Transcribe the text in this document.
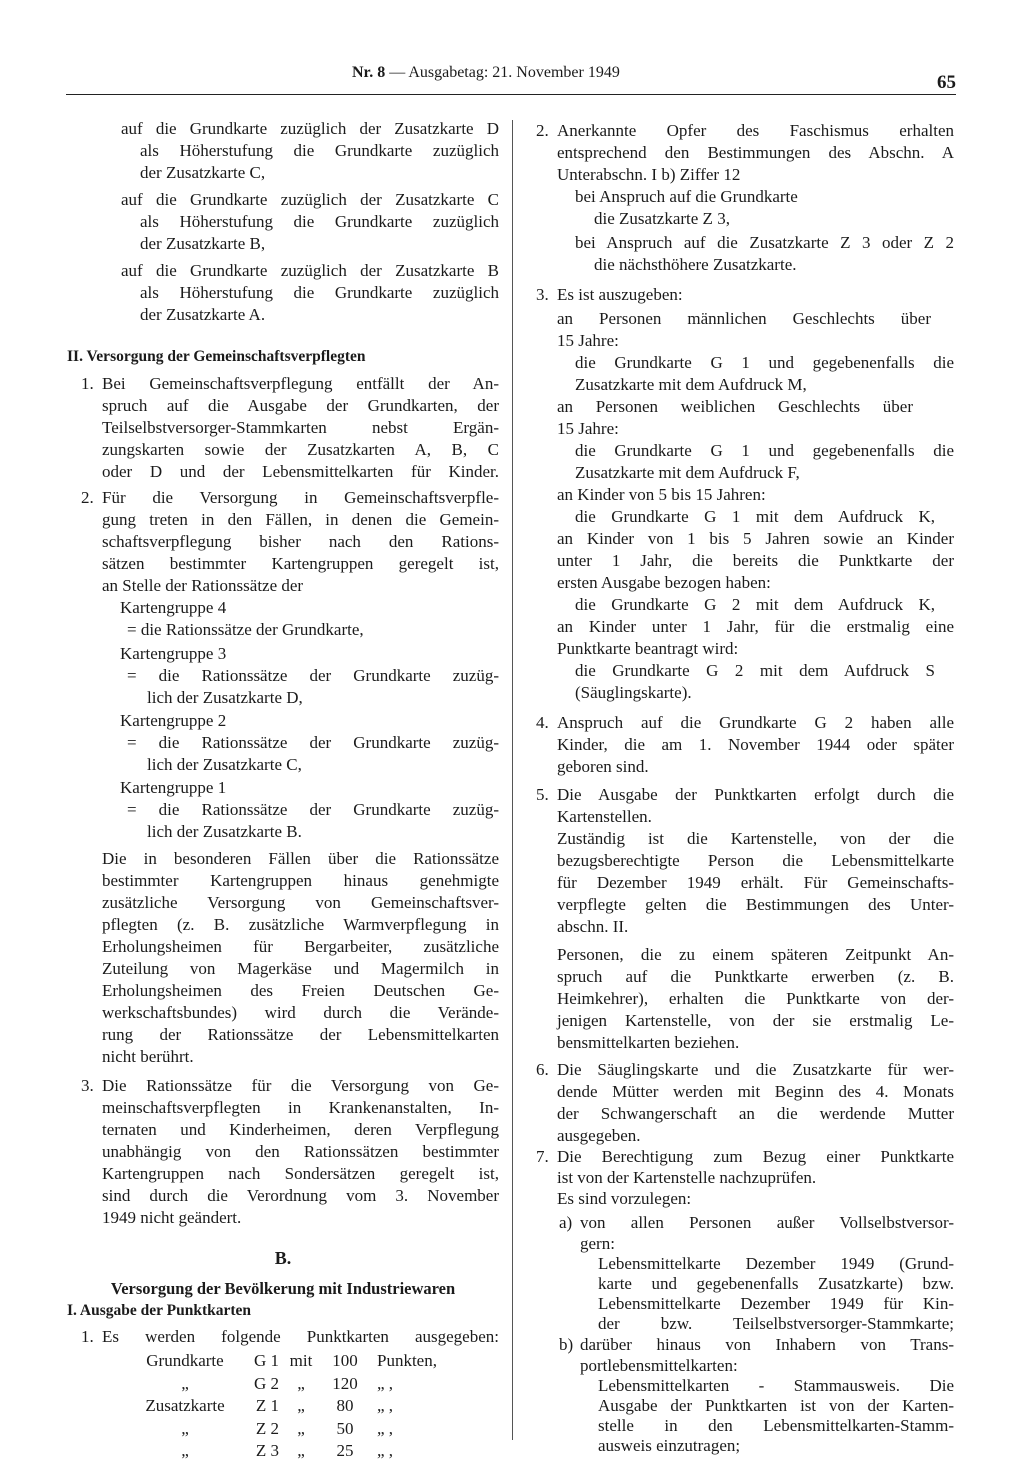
Nr. 8 — Ausgabetag: 21. November 1949	65
auf die Grundkarte zuzüglich der Zusatzkarte D
als Höherstufung die Grundkarte zuzüglich
der Zusatzkarte C,
auf die Grundkarte zuzüglich der Zusatzkarte C
als Höherstufung die Grundkarte zuzüglich
der Zusatzkarte B,
auf die Grundkarte zuzüglich der Zusatzkarte B
als Höherstufung die Grundkarte zuzüglich
der Zusatzkarte A.
II. Versorgung der Gemeinschaftsverpflegten
1. Bei Gemeinschaftsverpflegung entfällt der An-
spruch auf die Ausgabe der Grundkarten, der
Teilselbstversorger-Stammkarten nebst Ergän-
zungskarten sowie der Zusatzkarten A, B, C
oder D und der Lebensmittelkarten für Kinder.
2. Für die Versorgung in Gemeinschaftsverpfle-
gung treten in den Fällen, in denen die Gemein-
schaftsverpflegung bisher nach den Rations-
sätzen bestimmter Kartengruppen geregelt ist,
an Stelle der Rationssätze der
Kartengruppe 4
= die Rationssätze der Grundkarte,
Kartengruppe 3
= die Rationssätze der Grundkarte zuzüg-
lich der Zusatzkarte D,
Kartengruppe 2
= die Rationssätze der Grundkarte zuzüg-
lich der Zusatzkarte C,
Kartengruppe 1
= die Rationssätze der Grundkarte zuzüg-
lich der Zusatzkarte B.
Die in besonderen Fällen über die Rationssätze
bestimmter Kartengruppen hinaus genehmigte
zusätzliche Versorgung von Gemeinschaftsver-
pflegten (z. B. zusätzliche Warmverpflegung in
Erholungsheimen für Bergarbeiter, zusätzliche
Zuteilung von Magerkäse und Magermilch in
Erholungsheimen des Freien Deutschen Ge-
werkschaftsbundes) wird durch die Verände-
rung der Rationssätze der Lebensmittelkarten
nicht berührt.
3. Die Rationssätze für die Versorgung von Ge-
meinschaftsverpflegten in Krankenanstalten, In-
ternaten und Kinderheimen, deren Verpflegung
unabhängig von den Rationssätzen bestimmter
Kartengruppen nach Sondersätzen geregelt ist,
sind durch die Verordnung vom 3. November
1949 nicht geändert.
B.
Versorgung der Bevölkerung mit Industriewaren
I. Ausgabe der Punktkarten
1. Es werden folgende Punktkarten ausgegeben:
Grundkarte	G 1	mit	100	Punkten,
„	G 2	„	120	„ ,
Zusatzkarte	Z 1	„	80	„ ,
„	Z 2	„	50	„ ,
„	Z 3	„	25	„ ,
2. Anerkannte Opfer des Faschismus erhalten
entsprechend den Bestimmungen des Abschn. A
Unterabschn. I b) Ziffer 12
bei Anspruch auf die Grundkarte
die Zusatzkarte Z 3,
bei Anspruch auf die Zusatzkarte Z 3 oder Z 2
die nächsthöhere Zusatzkarte.
3. Es ist auszugeben:
an Personen männlichen Geschlechts über
15 Jahre:
die Grundkarte G 1 und gegebenenfalls die
Zusatzkarte mit dem Aufdruck M,
an Personen weiblichen Geschlechts über
15 Jahre:
die Grundkarte G 1 und gegebenenfalls die
Zusatzkarte mit dem Aufdruck F,
an Kinder von 5 bis 15 Jahren:
die Grundkarte G 1 mit dem Aufdruck K,
an Kinder von 1 bis 5 Jahren sowie an Kinder
unter 1 Jahr, die bereits die Punktkarte der
ersten Ausgabe bezogen haben:
die Grundkarte G 2 mit dem Aufdruck K,
an Kinder unter 1 Jahr, für die erstmalig eine
Punktkarte beantragt wird:
die Grundkarte G 2 mit dem Aufdruck S
(Säuglingskarte).
4. Anspruch auf die Grundkarte G 2 haben alle
Kinder, die am 1. November 1944 oder später
geboren sind.
5. Die Ausgabe der Punktkarten erfolgt durch die
Kartenstellen.
Zuständig ist die Kartenstelle, von der die
bezugsberechtigte Person die Lebensmittelkarte
für Dezember 1949 erhält. Für Gemeinschafts-
verpflegte gelten die Bestimmungen des Unter-
abschn. II.
Personen, die zu einem späteren Zeitpunkt An-
spruch auf die Punktkarte erwerben (z. B.
Heimkehrer), erhalten die Punktkarte von der-
jenigen Kartenstelle, von der sie erstmalig Le-
bensmittelkarten beziehen.
6. Die Säuglingskarte und die Zusatzkarte für wer-
dende Mütter werden mit Beginn des 4. Monats
der Schwangerschaft an die werdende Mutter
ausgegeben.
7. Die Berechtigung zum Bezug einer Punktkarte
ist von der Kartenstelle nachzuprüfen.
Es sind vorzulegen:
a) von allen Personen außer Vollselbstversor-
gern:
Lebensmittelkarte Dezember 1949 (Grund-
karte und gegebenenfalls Zusatzkarte) bzw.
Lebensmittelkarte Dezember 1949 für Kin-
der bzw. Teilselbstversorger-Stammkarte;
b) darüber hinaus von Inhabern von Trans-
portlebensmittelkarten:
Lebensmittelkarten - Stammausweis. Die
Ausgabe der Punktkarten ist von der Karten-
stelle in den Lebensmittelkarten-Stamm-
ausweis einzutragen;
